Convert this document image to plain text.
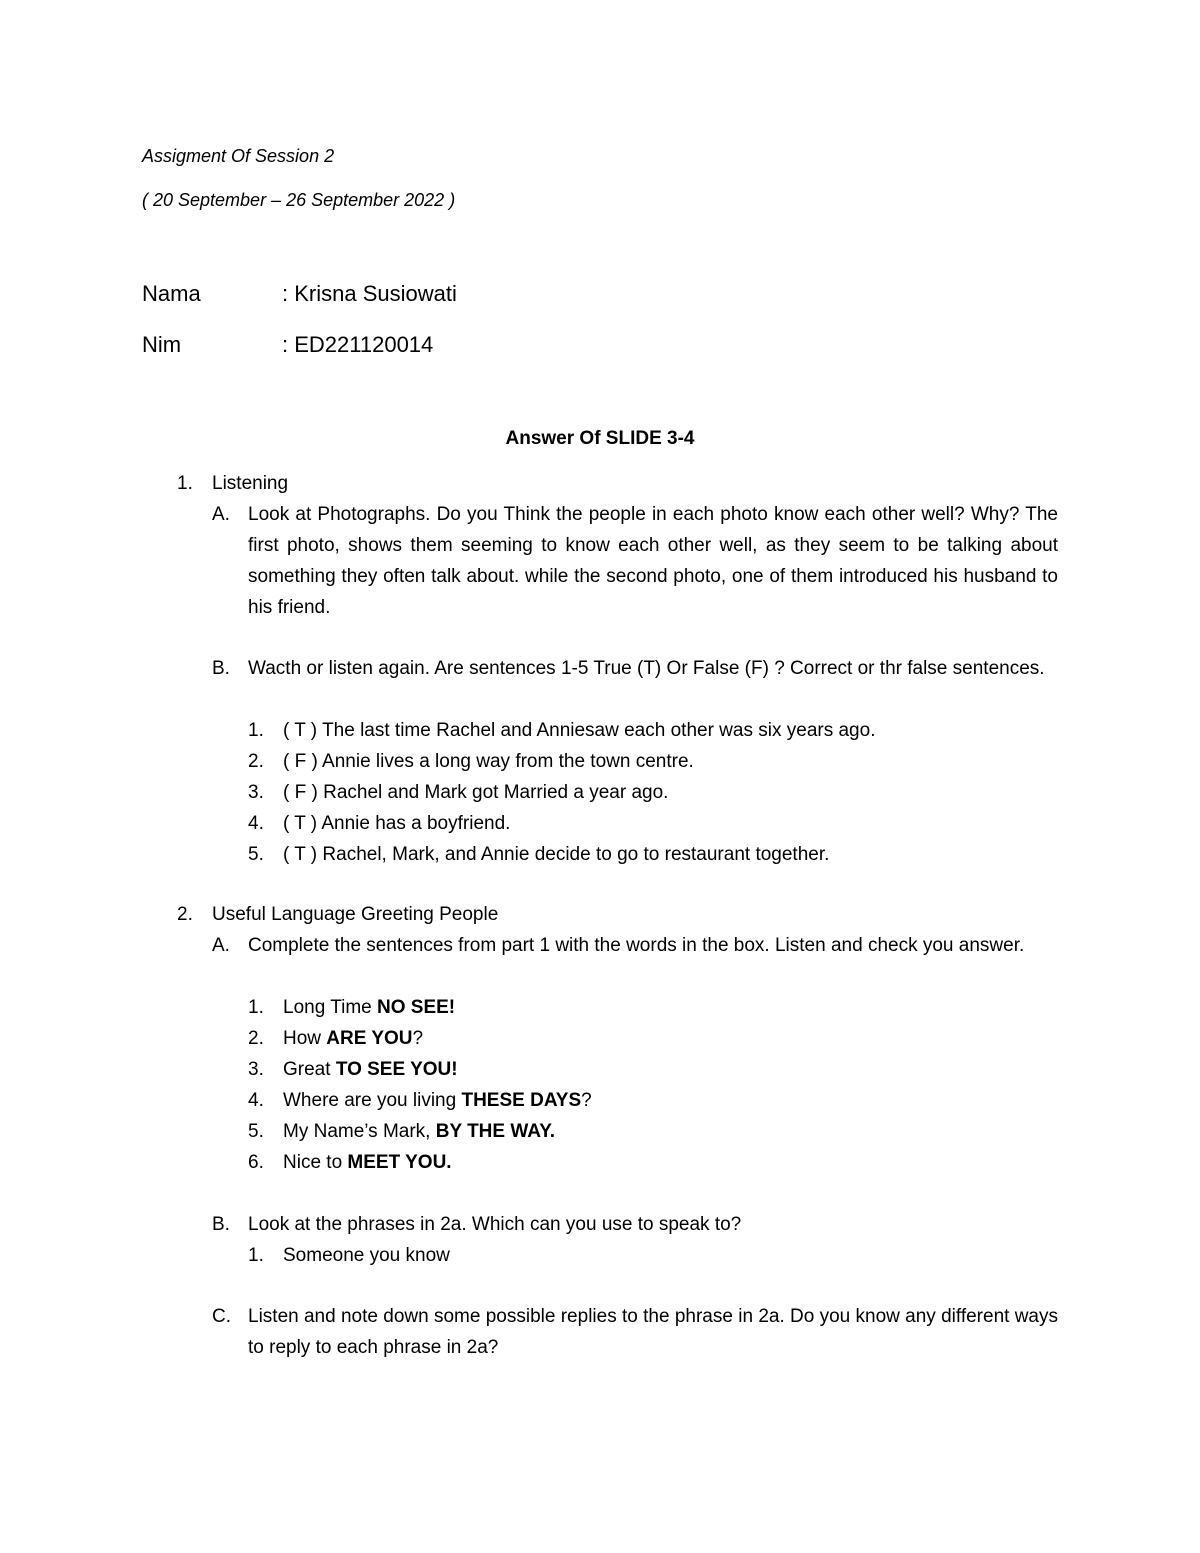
Assigment Of Session 2
( 20 September – 26 September 2022 )
Nama	: Krisna Susiowati
Nim	: ED221120014
Answer Of SLIDE 3-4
1. Listening
A. Look at Photographs. Do you Think the people in each photo know each other well? Why? The first photo, shows them seeming to know each other well, as they seem to be talking about      something they often talk about. while the second photo, one of them introduced his husband to his friend.
B. Wacth or listen again. Are sentences 1-5 True (T) Or False (F) ? Correct or thr false sentences.
1. ( T ) The last time Rachel and Anniesaw each other was six years ago.
2. ( F ) Annie lives a long way from the town centre.
3. ( F ) Rachel and Mark got Married a year ago.
4. ( T ) Annie has a boyfriend.
5. ( T ) Rachel, Mark, and Annie decide to go to restaurant together.
2. Useful Language Greeting People
A. Complete the sentences from part 1 with the words in the box. Listen and check you answer.
1. Long Time NO SEE!
2. How ARE YOU?
3. Great TO SEE YOU!
4. Where are you living THESE DAYS?
5. My Name’s Mark, BY THE WAY.
6. Nice to MEET YOU.
B. Look at the phrases in 2a. Which can you use to speak to?
1. Someone you know
C. Listen and note down some possible replies to the phrase in 2a. Do you know any different ways to reply to each phrase in 2a?
